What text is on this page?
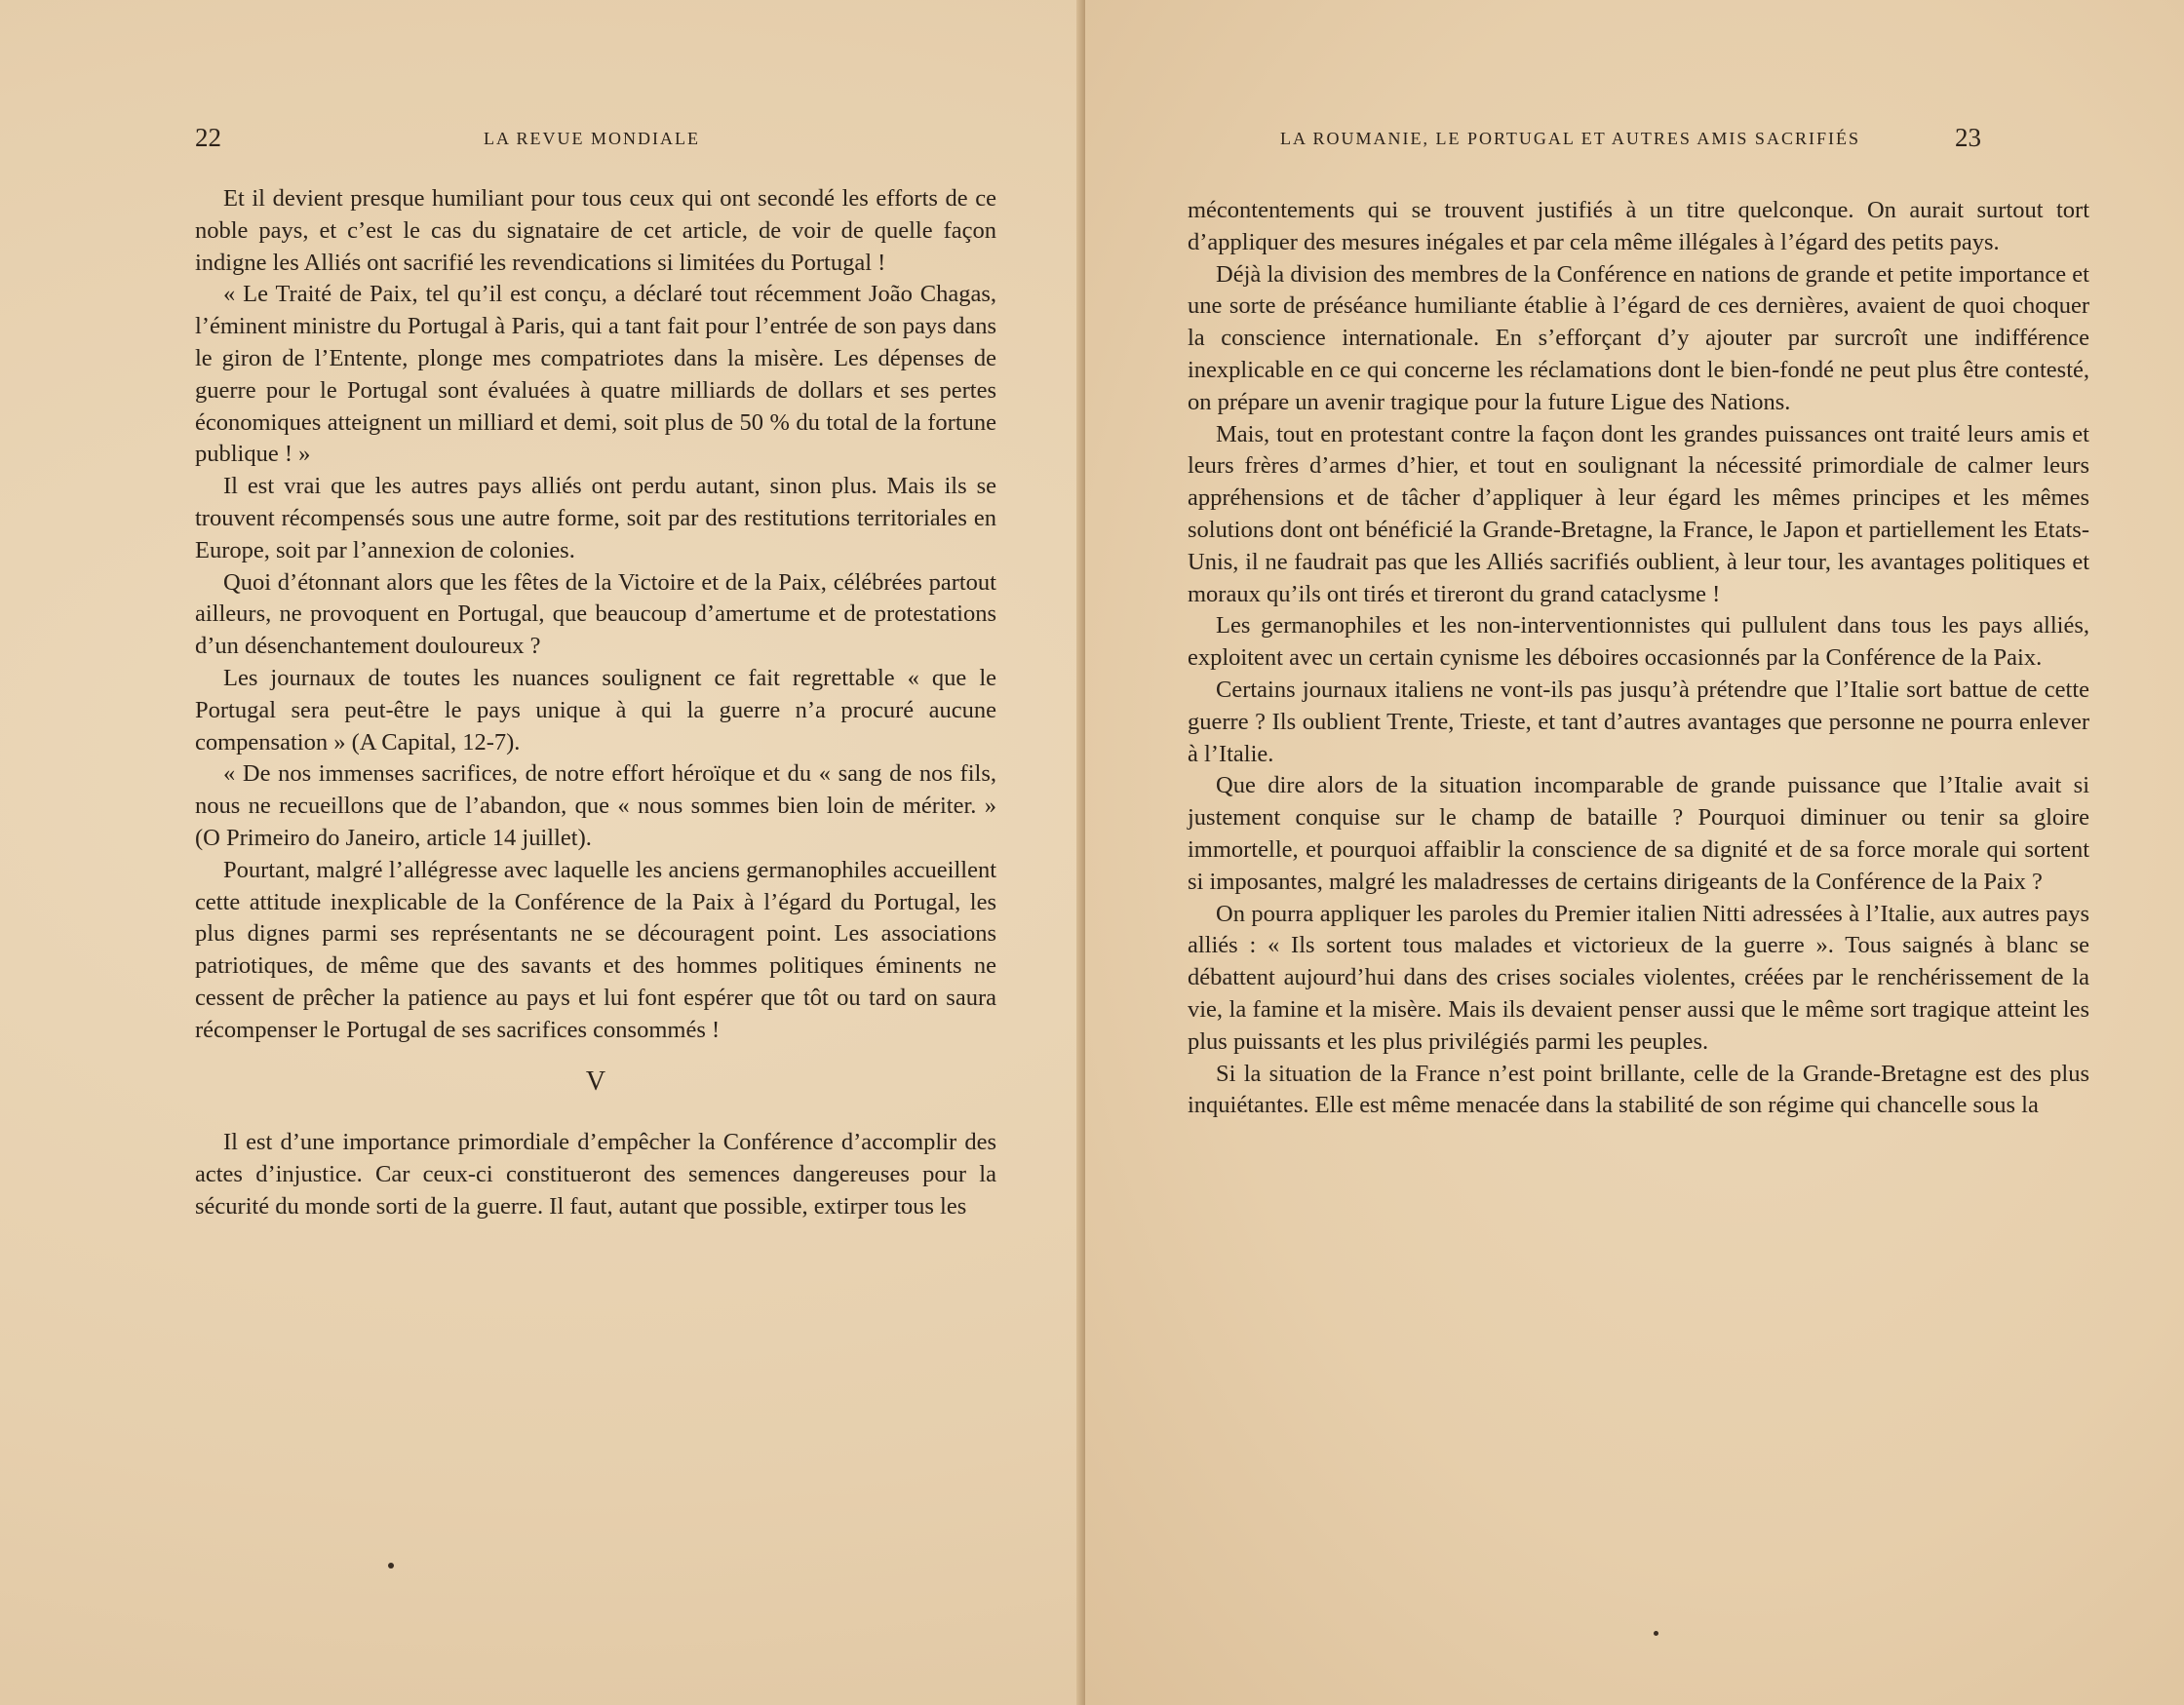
22	LA REVUE MONDIALE

Et il devient presque humiliant pour tous ceux qui ont secondé les efforts de ce noble pays, et c’est le cas du signataire de cet article, de voir de quelle façon indigne les Alliés ont sacrifié les revendications si limitées du Portugal !

« Le Traité de Paix, tel qu’il est conçu, a déclaré tout récemment João Chagas, l’éminent ministre du Portugal à Paris, qui a tant fait pour l’entrée de son pays dans le giron de l’Entente, plonge mes compatriotes dans la misère. Les dépenses de guerre pour le Portugal sont évaluées à quatre milliards de dollars et ses pertes économiques atteignent un milliard et demi, soit plus de 50 % du total de la fortune publique ! »

Il est vrai que les autres pays alliés ont perdu autant, sinon plus. Mais ils se trouvent récompensés sous une autre forme, soit par des restitutions territoriales en Europe, soit par l’annexion de colonies.

Quoi d’étonnant alors que les fêtes de la Victoire et de la Paix, célébrées partout ailleurs, ne provoquent en Portugal, que beaucoup d’amertume et de protestations d’un désenchantement douloureux ?

Les journaux de toutes les nuances soulignent ce fait regrettable « que le Portugal sera peut-être le pays unique à qui la guerre n’a procuré aucune compensation » (A Capital, 12-7).

« De nos immenses sacrifices, de notre effort héroïque et du « sang de nos fils, nous ne recueillons que de l’abandon, que « nous sommes bien loin de mériter. » (O Primeiro do Janeiro, article 14 juillet).

Pourtant, malgré l’allégresse avec laquelle les anciens germanophiles accueillent cette attitude inexplicable de la Conférence de la Paix à l’égard du Portugal, les plus dignes parmi ses représentants ne se découragent point. Les associations patriotiques, de même que des savants et des hommes politiques éminents ne cessent de prêcher la patience au pays et lui font espérer que tôt ou tard on saura récompenser le Portugal de ses sacrifices consommés !

V

Il est d’une importance primordiale d’empêcher la Conférence d’accomplir des actes d’injustice. Car ceux-ci constitueront des semences dangereuses pour la sécurité du monde sorti de la guerre. Il faut, autant que possible, extirper tous les

LA ROUMANIE, LE PORTUGAL ET AUTRES AMIS SACRIFIÉS	23

mécontentements qui se trouvent justifiés à un titre quelconque. On aurait surtout tort d’appliquer des mesures inégales et par cela même illégales à l’égard des petits pays.

Déjà la division des membres de la Conférence en nations de grande et petite importance et une sorte de préséance humiliante établie à l’égard de ces dernières, avaient de quoi choquer la conscience internationale. En s’efforçant d’y ajouter par surcroît une indifférence inexplicable en ce qui concerne les réclamations dont le bien-fondé ne peut plus être contesté, on prépare un avenir tragique pour la future Ligue des Nations.

Mais, tout en protestant contre la façon dont les grandes puissances ont traité leurs amis et leurs frères d’armes d’hier, et tout en soulignant la nécessité primordiale de calmer leurs appréhensions et de tâcher d’appliquer à leur égard les mêmes principes et les mêmes solutions dont ont bénéficié la Grande-Bretagne, la France, le Japon et partiellement les Etats-Unis, il ne faudrait pas que les Alliés sacrifiés oublient, à leur tour, les avantages politiques et moraux qu’ils ont tirés et tireront du grand cataclysme !

Les germanophiles et les non-interventionnistes qui pullulent dans tous les pays alliés, exploitent avec un certain cynisme les déboires occasionnés par la Conférence de la Paix.

Certains journaux italiens ne vont-ils pas jusqu’à prétendre que l’Italie sort battue de cette guerre ? Ils oublient Trente, Trieste, et tant d’autres avantages que personne ne pourra enlever à l’Italie.

Que dire alors de la situation incomparable de grande puissance que l’Italie avait si justement conquise sur le champ de bataille ? Pourquoi diminuer ou tenir sa gloire immortelle, et pourquoi affaiblir la conscience de sa dignité et de sa force morale qui sortent si imposantes, malgré les maladresses de certains dirigeants de la Conférence de la Paix ?

On pourra appliquer les paroles du Premier italien Nitti adressées à l’Italie, aux autres pays alliés : « Ils sortent tous malades et victorieux de la guerre ». Tous saignés à blanc se débattent aujourd’hui dans des crises sociales violentes, créées par le renchérissement de la vie, la famine et la misère. Mais ils devaient penser aussi que le même sort tragique atteint les plus puissants et les plus privilégiés parmi les peuples.

Si la situation de la France n’est point brillante, celle de la Grande-Bretagne est des plus inquiétantes. Elle est même menacée dans la stabilité de son régime qui chancelle sous la
